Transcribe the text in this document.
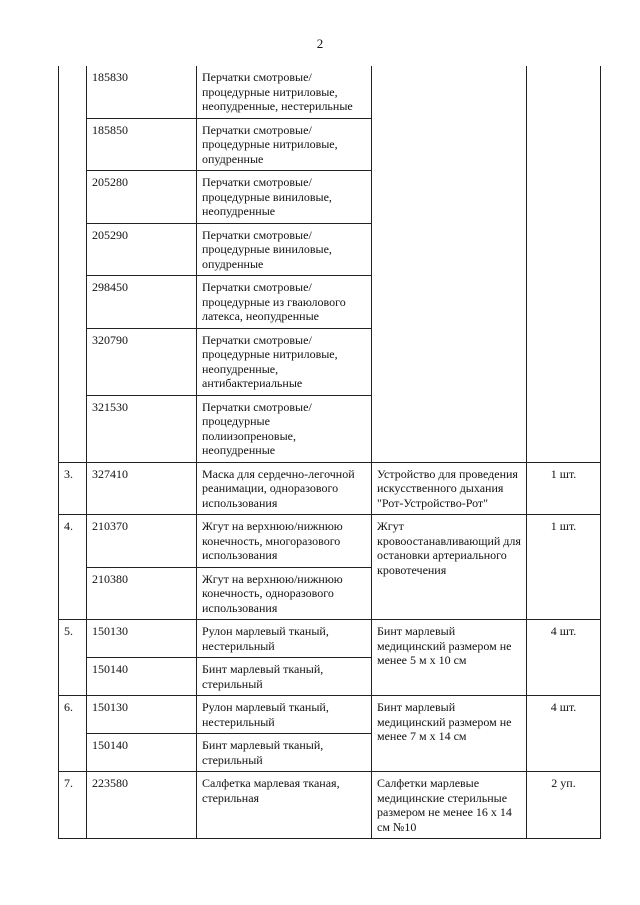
2
	185830	Перчатки смотровые/процедурные нитриловые, неопудренные, нестерильные		
	185850	Перчатки смотровые/процедурные нитриловые, опудренные		
	205280	Перчатки смотровые/процедурные виниловые, неопудренные		
	205290	Перчатки смотровые/процедурные виниловые, опудренные		
	298450	Перчатки смотровые/процедурные из гваюлового латекса, неопудренные		
	320790	Перчатки смотровые/процедурные нитриловые, неопудренные, антибактериальные		
	321530	Перчатки смотровые/процедурные полиизопреновые, неопудренные		
3.	327410	Маска для сердечно-легочной реанимации, одноразового использования	Устройство для проведения искусственного дыхания "Рот-Устройство-Рот"	1 шт.
4.	210370	Жгут на верхнюю/нижнюю конечность, многоразового использования	Жгут кровоостанавливающий для остановки артериального кровотечения	1 шт.
	210380	Жгут на верхнюю/нижнюю конечность, одноразового использования		
5.	150130	Рулон марлевый тканый, нестерильный	Бинт марлевый медицинский размером не менее 5 м х 10 см	4 шт.
	150140	Бинт марлевый тканый, стерильный		
6.	150130	Рулон марлевый тканый, нестерильный	Бинт марлевый медицинский размером не менее 7 м х 14 см	4 шт.
	150140	Бинт марлевый тканый, стерильный		
7.	223580	Салфетка марлевая тканая, стерильная	Салфетки марлевые медицинские стерильные размером не менее 16 х 14 см №10	2 уп.
